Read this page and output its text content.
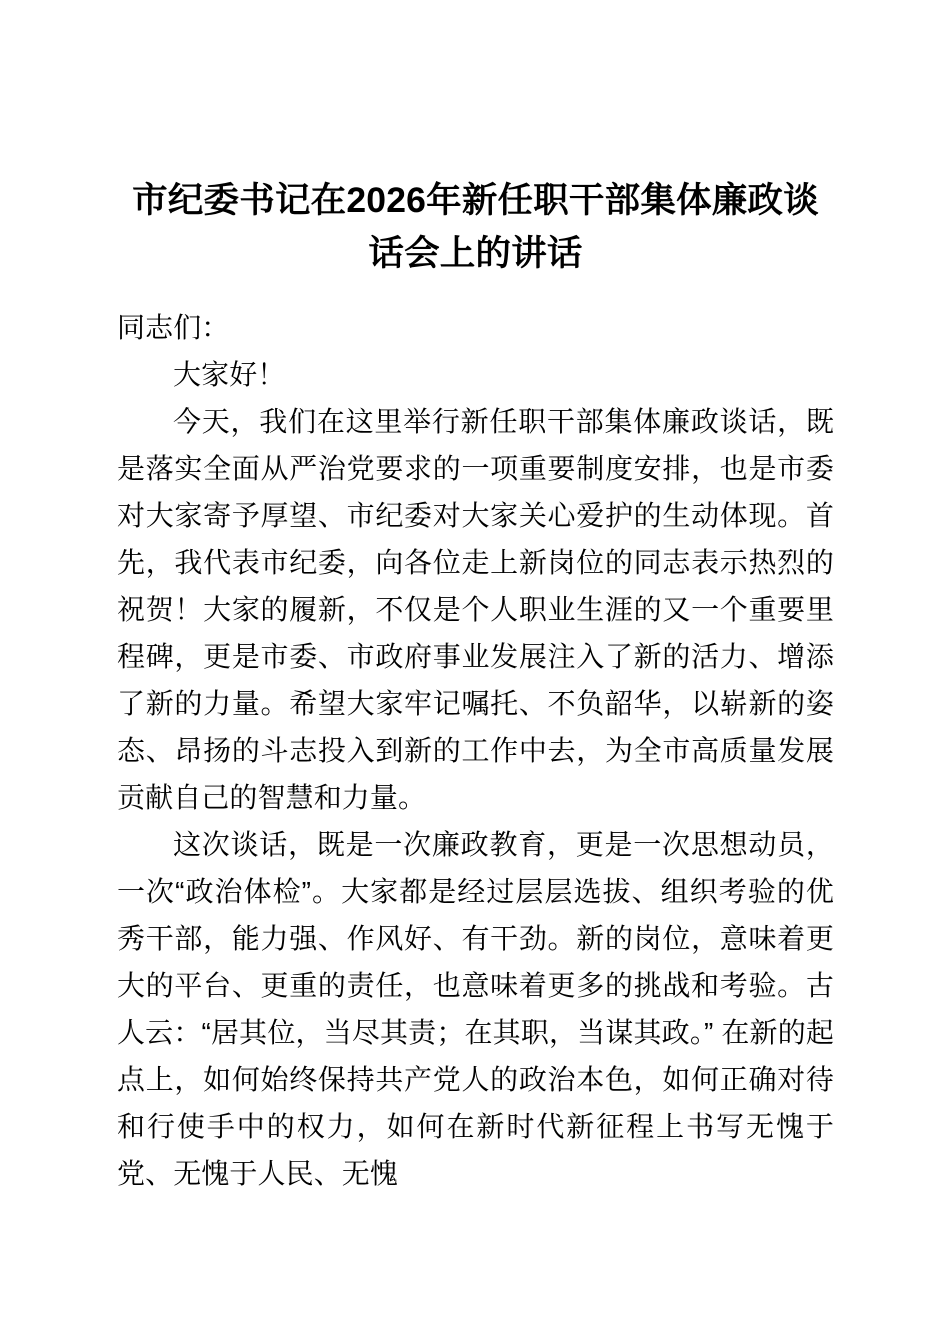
市纪委书记在2026年新任职干部集体廉政谈话会上的讲话

同志们：

大家好！

今天，我们在这里举行新任职干部集体廉政谈话，既是落实全面从严治党要求的一项重要制度安排，也是市委对大家寄予厚望、市纪委对大家关心爱护的生动体现。首先，我代表市纪委，向各位走上新岗位的同志表示热烈的祝贺！大家的履新，不仅是个人职业生涯的又一个重要里程碑，更是市委、市政府事业发展注入了新的活力、增添了新的力量。希望大家牢记嘱托、不负韶华，以崭新的姿态、昂扬的斗志投入到新的工作中去，为全市高质量发展贡献自己的智慧和力量。

这次谈话，既是一次廉政教育，更是一次思想动员，一次“政治体检”。大家都是经过层层选拔、组织考验的优秀干部，能力强、作风好、有干劲。新的岗位，意味着更大的平台、更重的责任，也意味着更多的挑战和考验。古人云：“居其位，当尽其责；在其职，当谋其政。” 在新的起点上，如何始终保持共产党人的政治本色，如何正确对待和行使手中的权力，如何在新时代新征程上书写无愧于党、无愧于人民、无愧
